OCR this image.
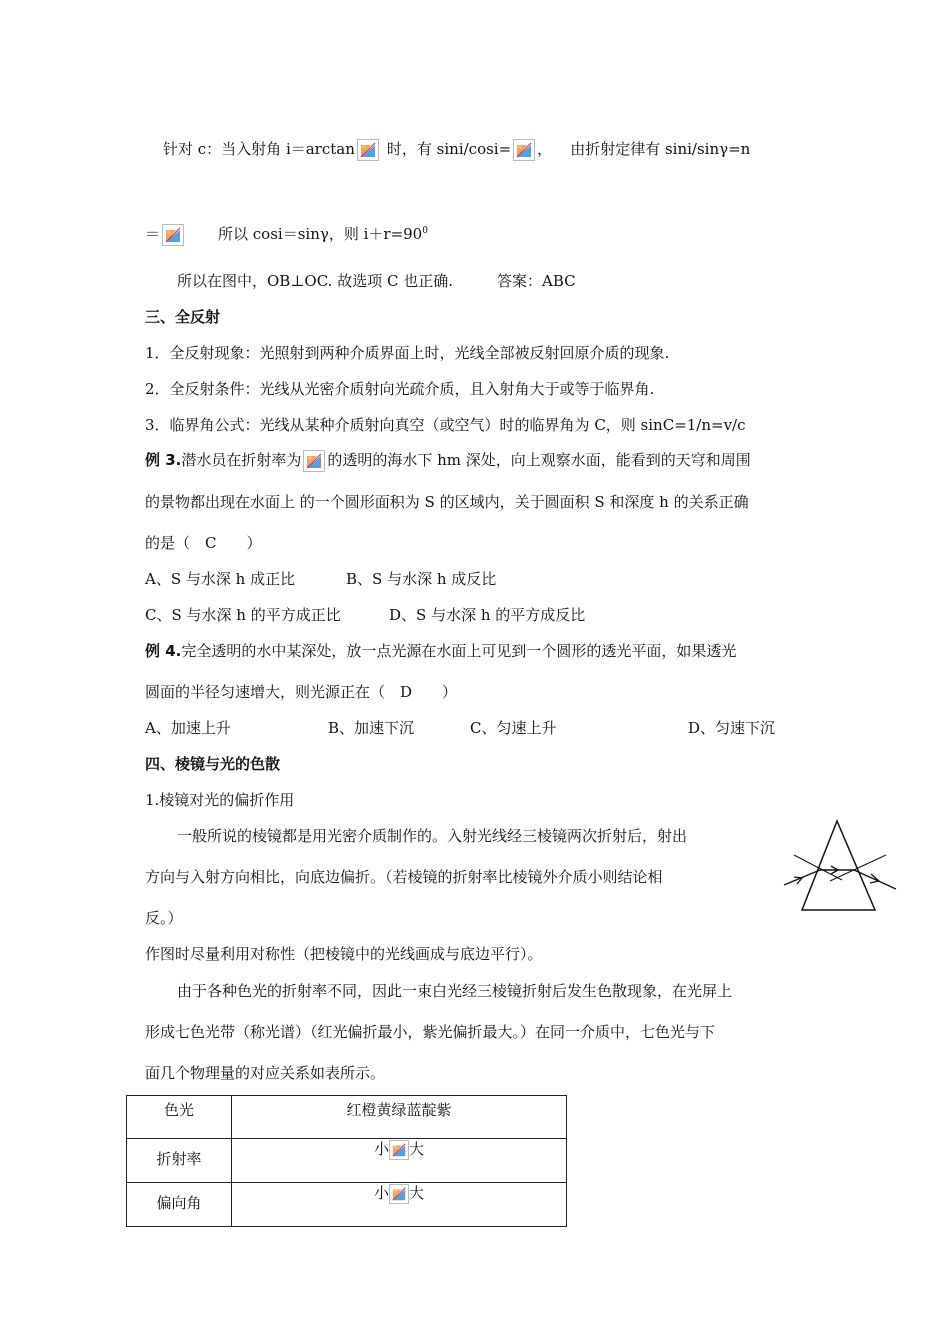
针对 c：当入射角 i＝arctan 时，有 sini/cosi= ， 由折射定律有 sini/sinγ=n
＝	所以 cosi＝sinγ，则 $i+r=90^0$
所以在图中，OB⊥OC. 故选项 C 也正确.	答案：ABC
三、全反射
1．全反射现象：光照射到两种介质界面上时，光线全部被反射回原介质的现象.
2．全反射条件：光线从光密介质射向光疏介质，且入射角大于或等于临界角.
3．临界角公式：光线从某种介质射向真空（或空气）时的临界角为 C，则 sinC=1/n=v/c
例 3.潜水员在折射率为 的透明的海水下 hm 深处，向上观察水面，能看到的天穹和周围
的景物都出现在水面上 的一个圆形面积为 S 的区域内，关于圆面积 S 和深度 h 的关系正确
的是（　C　　）
A、S 与水深 h 成正比	B、S 与水深 h 成反比
C、S 与水深 h 的平方成正比	D、S 与水深 h 的平方成反比
例 4.完全透明的水中某深处，放一点光源在水面上可见到一个圆形的透光平面，如果透光
圆面的半径匀速增大，则光源正在（　D　　）
A、加速上升	B、加速下沉	C、匀速上升	D、匀速下沉
四、棱镜与光的色散
1.棱镜对光的偏折作用
一般所说的棱镜都是用光密介质制作的。入射光线经三棱镜两次折射后，射出
方向与入射方向相比，向底边偏折。（若棱镜的折射率比棱镜外介质小则结论相
反。）
作图时尽量利用对称性（把棱镜中的光线画成与底边平行）。
由于各种色光的折射率不同，因此一束白光经三棱镜折射后发生色散现象，在光屏上
形成七色光带（称光谱）（红光偏折最小，紫光偏折最大。）在同一介质中，七色光与下
面几个物理量的对应关系如表所示。
色光	红橙黄绿蓝靛紫
折射率	小 大
偏向角	小 大
